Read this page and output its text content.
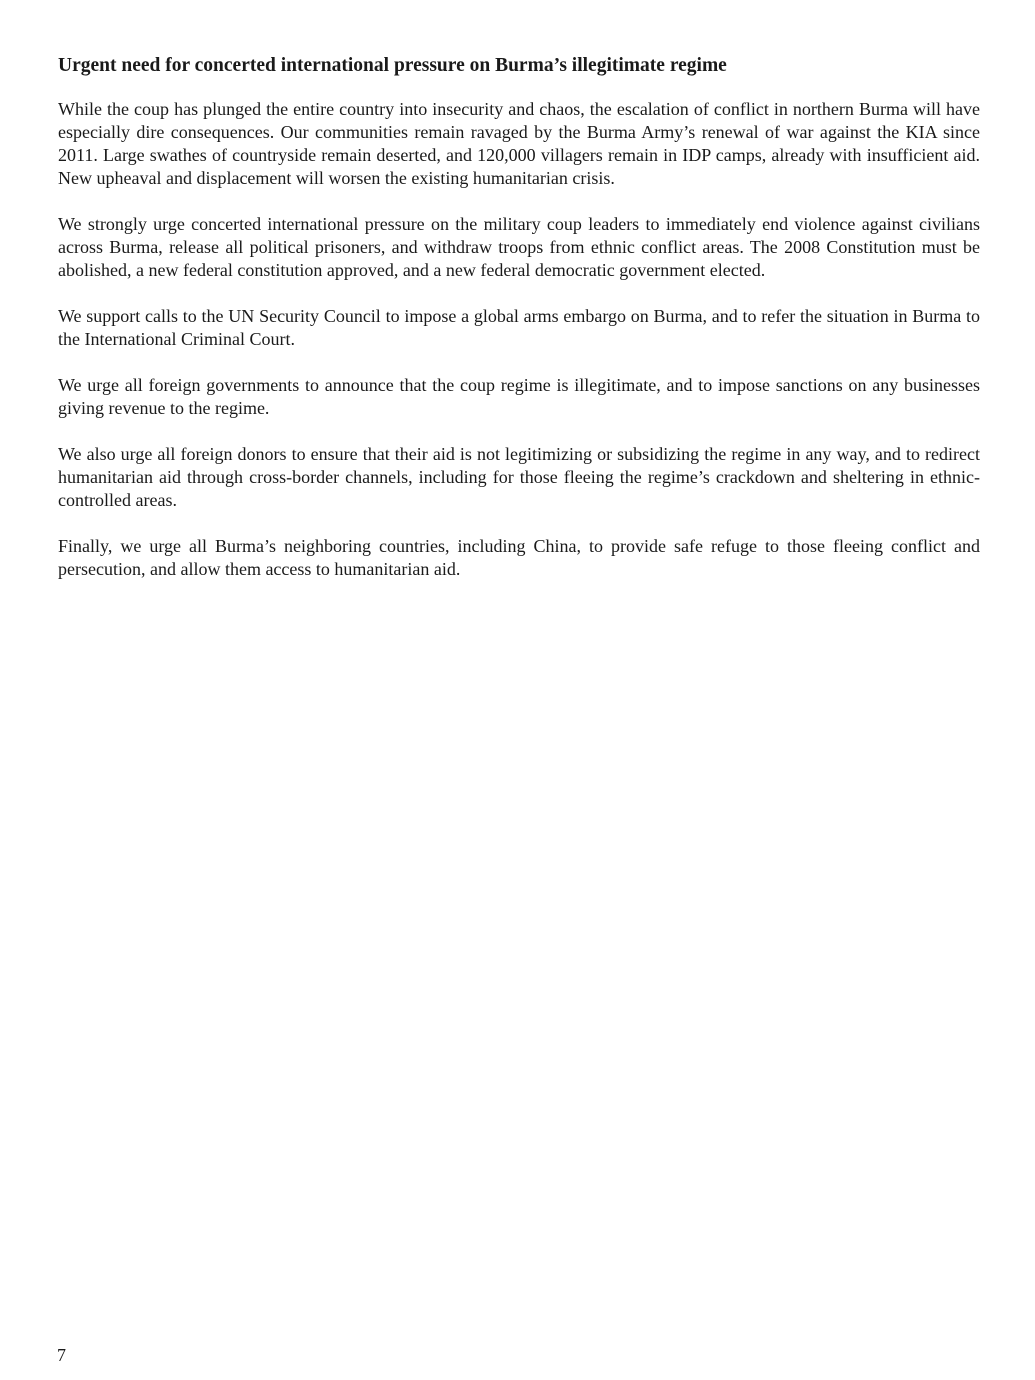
Urgent need for concerted international pressure on Burma’s illegitimate regime

While the coup has plunged the entire country into insecurity and chaos, the escalation of conflict in northern Burma will have especially dire consequences. Our communities remain ravaged by the Burma Army’s renewal of war against the KIA since 2011. Large swathes of countryside remain deserted, and 120,000 villagers remain in IDP camps, already with insufficient aid. New upheaval and displacement will worsen the existing humanitarian crisis.

We strongly urge concerted international pressure on the military coup leaders to immediately end violence against civilians across Burma, release all political prisoners, and withdraw troops from ethnic conflict areas. The 2008 Constitution must be abolished, a new federal constitution approved, and a new federal democratic government elected.

We support calls to the UN Security Council to impose a global arms embargo on Burma, and to refer the situation in Burma to the International Criminal Court.

We urge all foreign governments to announce that the coup regime is illegitimate, and to impose sanctions on any businesses giving revenue to the regime.

We also urge all foreign donors to ensure that their aid is not legitimizing or subsidizing the regime in any way, and to redirect humanitarian aid through cross-border channels, including for those fleeing the regime’s crackdown and sheltering in ethnic-controlled areas.

Finally, we urge all Burma’s neighboring countries, including China, to provide safe refuge to those fleeing conflict and persecution, and allow them access to humanitarian aid.

7
